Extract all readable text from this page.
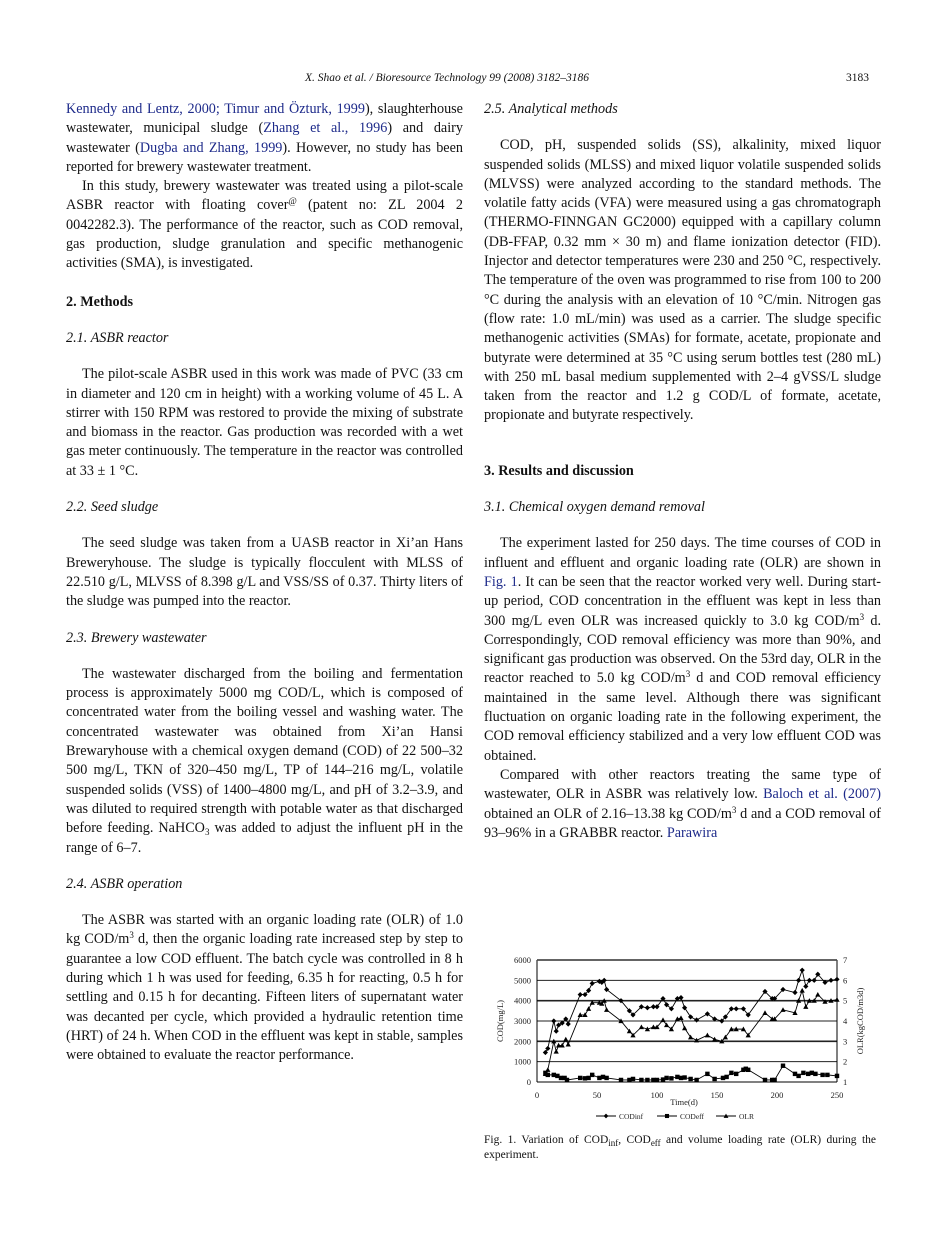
X. Shao et al. / Bioresource Technology 99 (2008) 3182–3186	3183

Kennedy and Lentz, 2000; Timur and Özturk, 1999), slaughterhouse wastewater, municipal sludge (Zhang et al., 1996) and dairy wastewater (Dugba and Zhang, 1999). However, no study has been reported for brewery wastewater treatment.

In this study, brewery wastewater was treated using a pilot-scale ASBR reactor with floating cover@ (patent no: ZL 2004 2 0042282.3). The performance of the reactor, such as COD removal, gas production, sludge granulation and specific methanogenic activities (SMA), is investigated.

2. Methods
2.1. ASBR reactor

The pilot-scale ASBR used in this work was made of PVC (33 cm in diameter and 120 cm in height) with a working volume of 45 L. A stirrer with 150 RPM was restored to provide the mixing of substrate and biomass in the reactor. Gas production was recorded with a wet gas meter continuously. The temperature in the reactor was controlled at 33 ± 1 °C.

2.2. Seed sludge

The seed sludge was taken from a UASB reactor in Xi’an Hans Breweryhouse. The sludge is typically flocculent with MLSS of 22.510 g/L, MLVSS of 8.398 g/L and VSS/SS of 0.37. Thirty liters of the sludge was pumped into the reactor.

2.3. Brewery wastewater

The wastewater discharged from the boiling and fermentation process is approximately 5000 mg COD/L, which is composed of concentrated water from the boiling vessel and washing water. The concentrated wastewater was obtained from Xi’an Hansi Brewaryhouse with a chemical oxygen demand (COD) of 22 500–32 500 mg/L, TKN of 320–450 mg/L, TP of 144–216 mg/L, volatile suspended solids (VSS) of 1400–4800 mg/L, and pH of 3.2–3.9, and was diluted to required strength with potable water as that discharged before feeding. NaHCO$_3$ was added to adjust the influent pH in the range of 6–7.

2.4. ASBR operation

The ASBR was started with an organic loading rate (OLR) of 1.0 kg COD/$m^3$ d, then the organic loading rate increased step by step to guarantee a low COD effluent. The batch cycle was controlled in 8 h during which 1 h was used for feeding, 6.35 h for reacting, 0.5 h for settling and 0.15 h for decanting. Fifteen liters of supernatant water was decanted per cycle, which provided a hydraulic retention time (HRT) of 24 h. When COD in the effluent was kept in stable, samples were obtained to evaluate the reactor performance.

2.5. Analytical methods

COD, pH, suspended solids (SS), alkalinity, mixed liquor suspended solids (MLSS) and mixed liquor volatile suspended solids (MLVSS) were analyzed according to the standard methods. The volatile fatty acids (VFA) were measured using a gas chromatograph (THERMO-FINNGAN GC2000) equipped with a capillary column (DB-FFAP, 0.32 mm × 30 m) and flame ionization detector (FID). Injector and detector temperatures were 230 and 250 °C, respectively. The temperature of the oven was programmed to rise from 100 to 200 °C during the analysis with an elevation of 10 °C/min. Nitrogen gas (flow rate: 1.0 mL/min) was used as a carrier. The sludge specific methanogenic activities (SMAs) for formate, acetate, propionate and butyrate were determined at 35 °C using serum bottles test (280 mL) with 250 mL basal medium supplemented with 2–4 gVSS/L sludge taken from the reactor and 1.2 g COD/L of formate, acetate, propionate and butyrate respectively.

3. Results and discussion
3.1. Chemical oxygen demand removal

The experiment lasted for 250 days. The time courses of COD in influent and effluent and organic loading rate (OLR) are shown in Fig. 1. It can be seen that the reactor worked very well. During start-up period, COD concentration in the effluent was kept in less than 300 mg/L even OLR was increased quickly to 3.0 kg COD/$m^3$ d. Correspondingly, COD removal efficiency was more than 90%, and significant gas production was observed. On the 53rd day, OLR in the reactor reached to 5.0 kg COD/$m^3$ d and COD removal efficiency maintained in the same level. Although there was significant fluctuation on organic loading rate in the following experiment, the COD removal efficiency stabilized and a very low effluent COD was obtained.

Compared with other reactors treating the same type of wastewater, OLR in ASBR was relatively low. Baloch et al. (2007) obtained an OLR of 2.16–13.38 kg COD/$m^3$ d and a COD removal of 93–96% in a GRABBR reactor. Parawira

0
1000
2000
3000
4000
5000
6000
1
2
3
4
5
6
7
0	50	100	150	200	250
Time(d)
COD(mg/L)	OLR(kgCOD/m3d)
CODinf	CODeff	OLR
Fig. 1. Variation of $COD_{inf}$, $COD_{eff}$ and volume loading rate (OLR) during the experiment.
